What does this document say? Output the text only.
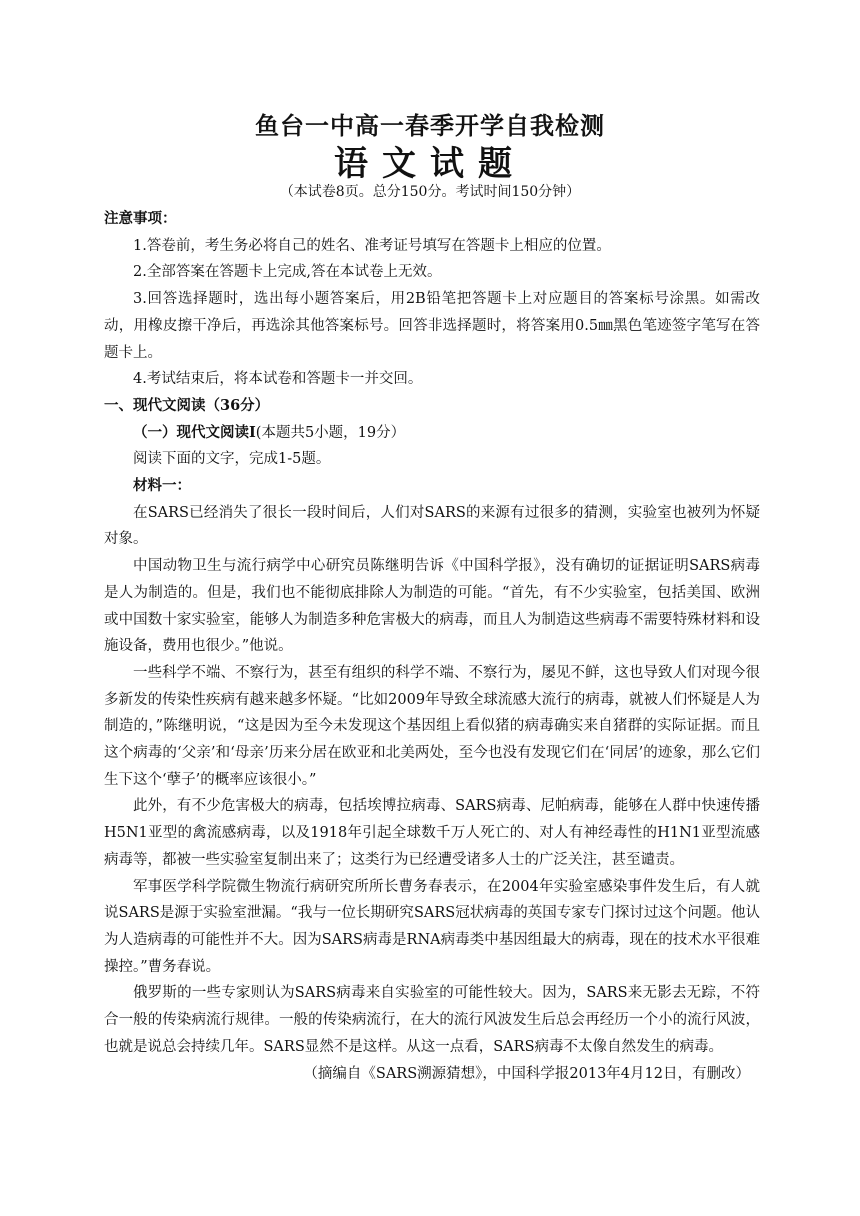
鱼台一中高一春季开学自我检测
语文试题
（本试卷8页。总分150分。考试时间150分钟）

注意事项：

1.答卷前，考生务必将自己的姓名、准考证号填写在答题卡上相应的位置。

2.全部答案在答题卡上完成,答在本试卷上无效。

3.回答选择题时，选出每小题答案后，用2B铅笔把答题卡上对应题目的答案标号涂黑。如需改动，用橡皮擦干净后，再选涂其他答案标号。回答非选择题时，将答案用0.5㎜黑色笔迹签字笔写在答题卡上。

4.考试结束后，将本试卷和答题卡一并交回。

一、现代文阅读（36分）

（一）现代文阅读Ⅰ(本题共5小题，19分）

阅读下面的文字，完成1-5题。

材料一：

在SARS已经消失了很长一段时间后，人们对SARS的来源有过很多的猜测，实验室也被列为怀疑对象。

中国动物卫生与流行病学中心研究员陈继明告诉《中国科学报》，没有确切的证据证明SARS病毒是人为制造的。但是，我们也不能彻底排除人为制造的可能。“首先，有不少实验室，包括美国、欧洲或中国数十家实验室，能够人为制造多种危害极大的病毒，而且人为制造这些病毒不需要特殊材料和设施设备，费用也很少。”他说。

一些科学不端、不察行为，甚至有组织的科学不端、不察行为，屡见不鲜，这也导致人们对现今很多新发的传染性疾病有越来越多怀疑。“比如2009年导致全球流感大流行的病毒，就被人们怀疑是人为制造的，”陈继明说，“这是因为至今未发现这个基因组上看似猪的病毒确实来自猪群的实际证据。而且这个病毒的‘父亲’和‘母亲’历来分居在欧亚和北美两处，至今也没有发现它们在‘同居’的迹象，那么它们生下这个‘孽子’的概率应该很小。”

此外，有不少危害极大的病毒，包括埃博拉病毒、SARS病毒、尼帕病毒，能够在人群中快速传播H5N1亚型的禽流感病毒，以及1918年引起全球数千万人死亡的、对人有神经毒性的H1N1亚型流感病毒等，都被一些实验室复制出来了；这类行为已经遭受诸多人士的广泛关注，甚至谴责。

军事医学科学院微生物流行病研究所所长曹务春表示，在2004年实验室感染事件发生后，有人就说SARS是源于实验室泄漏。“我与一位长期研究SARS冠状病毒的英国专家专门探讨过这个问题。他认为人造病毒的可能性并不大。因为SARS病毒是RNA病毒类中基因组最大的病毒，现在的技术水平很难操控。”曹务春说。

俄罗斯的一些专家则认为SARS病毒来自实验室的可能性较大。因为，SARS来无影去无踪，不符合一般的传染病流行规律。一般的传染病流行，在大的流行风波发生后总会再经历一个小的流行风波，也就是说总会持续几年。SARS显然不是这样。从这一点看，SARS病毒不太像自然发生的病毒。

（摘编自《SARS溯源猜想》，中国科学报2013年4月12日，有删改）
